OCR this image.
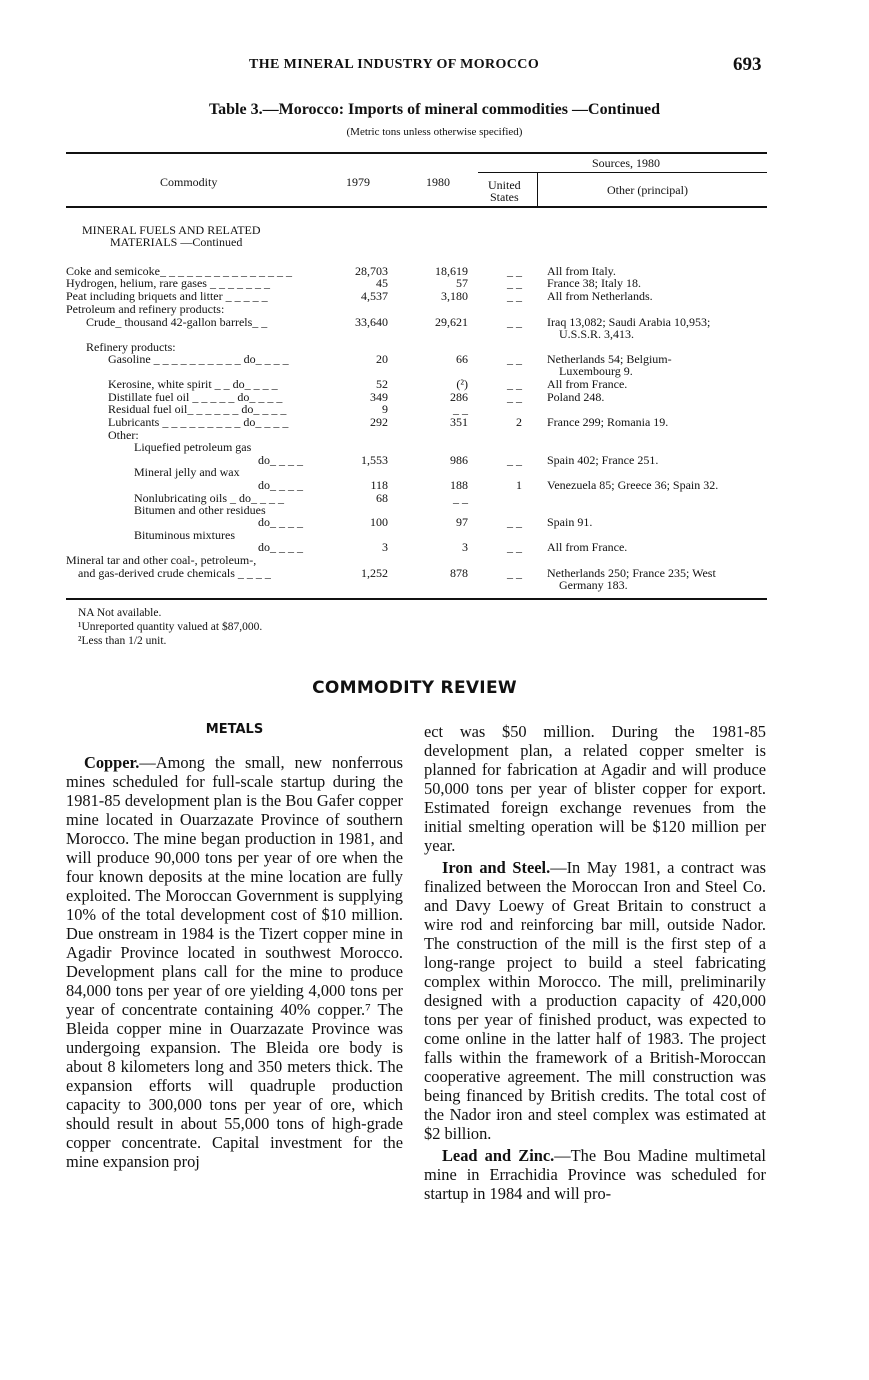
THE MINERAL INDUSTRY OF MOROCCO	693
Table 3.—Morocco: Imports of mineral commodities —Continued
(Metric tons unless otherwise specified)
Commodity	1979	1980
Sources, 1980
United
States	Other (principal)
MINERAL FUELS AND RELATED
MATERIALS —Continued
Coke and semicoke_ _ _ _ _ _ _ _ _ _ _ _ _ _ _	28,703	18,619	_ _ All from Italy.
Hydrogen, helium, rare gases _ _ _ _ _ _ _	45	57	_ _ France 38; Italy 18.
Peat including briquets and litter _ _ _ _ _	4,537	3,180	_ _ All from Netherlands.
Petroleum and refinery products:
Crude_ thousand 42-gallon barrels_ _	33,640	29,621	_ _ Iraq 13,082; Saudi Arabia 10,953;
U.S.S.R. 3,413.
Refinery products:
Gasoline _ _ _ _ _ _ _ _ _ _ do_ _ _ _	20	66	_ _ Netherlands 54; Belgium-
Luxembourg 9.
Kerosine, white spirit _ _ do_ _ _ _	52	(²)	_ _ All from France.
Distillate fuel oil _ _ _ _ _ do_ _ _ _	349	286	_ _ Poland 248.
Residual fuel oil_ _ _ _ _ _ do_ _ _ _	9	_ _
Lubricants _ _ _ _ _ _ _ _ _ do_ _ _ _	292	351	2 France 299; Romania 19.
Other:
Liquefied petroleum gas
do_ _ _ _	1,553	986	_ _ Spain 402; France 251.
Mineral jelly and wax
do_ _ _ _	118	188	1 Venezuela 85; Greece 36; Spain 32.
Nonlubricating oils _ do_ _ _ _	68	_ _
Bitumen and other residues
do_ _ _ _	100	97	_ _ Spain 91.
Bituminous mixtures
do_ _ _ _	3	3	_ _ All from France.
Mineral tar and other coal-, petroleum-,
and gas-derived crude chemicals _ _ _ _	1,252	878	_ _ Netherlands 250; France 235; West
Germany 183.
NA Not available.
¹Unreported quantity valued at $87,000.
²Less than 1/2 unit.
COMMODITY REVIEW
METALS

Copper.—Among the small, new nonferrous mines scheduled for full-scale startup during the 1981-85 development plan is the Bou Gafer copper mine located in Ouarzazate Province of southern Morocco. The mine began production in 1981, and will produce 90,000 tons per year of ore when the four known deposits at the mine location are fully exploited. The Moroccan Government is supplying 10% of the total development cost of $10 million. Due onstream in 1984 is the Tizert copper mine in Agadir Province located in southwest Morocco. Development plans call for the mine to produce 84,000 tons per year of ore yielding 4,000 tons per year of concentrate containing 40% copper.⁷ The Bleida copper mine in Ouarzazate Province was undergoing expansion. The Bleida ore body is about 8 kilometers long and 350 meters thick. The expansion efforts will quadruple production capacity to 300,000 tons per year of ore, which should result in about 55,000 tons of high-grade copper concentrate. Capital investment for the mine expansion proj

ect was $50 million. During the 1981-85 development plan, a related copper smelter is planned for fabrication at Agadir and will produce 50,000 tons per year of blister copper for export. Estimated foreign exchange revenues from the initial smelting operation will be $120 million per year.

Iron and Steel.—In May 1981, a contract was finalized between the Moroccan Iron and Steel Co. and Davy Loewy of Great Britain to construct a wire rod and reinforcing bar mill, outside Nador. The construction of the mill is the first step of a long-range project to build a steel fabricating complex within Morocco. The mill, preliminarily designed with a production capacity of 420,000 tons per year of finished product, was expected to come online in the latter half of 1983. The project falls within the framework of a British-Moroccan cooperative agreement. The mill construction was being financed by British credits. The total cost of the Nador iron and steel complex was estimated at $2 billion.

Lead and Zinc.—The Bou Madine multimetal mine in Errachidia Province was scheduled for startup in 1984 and will pro-
